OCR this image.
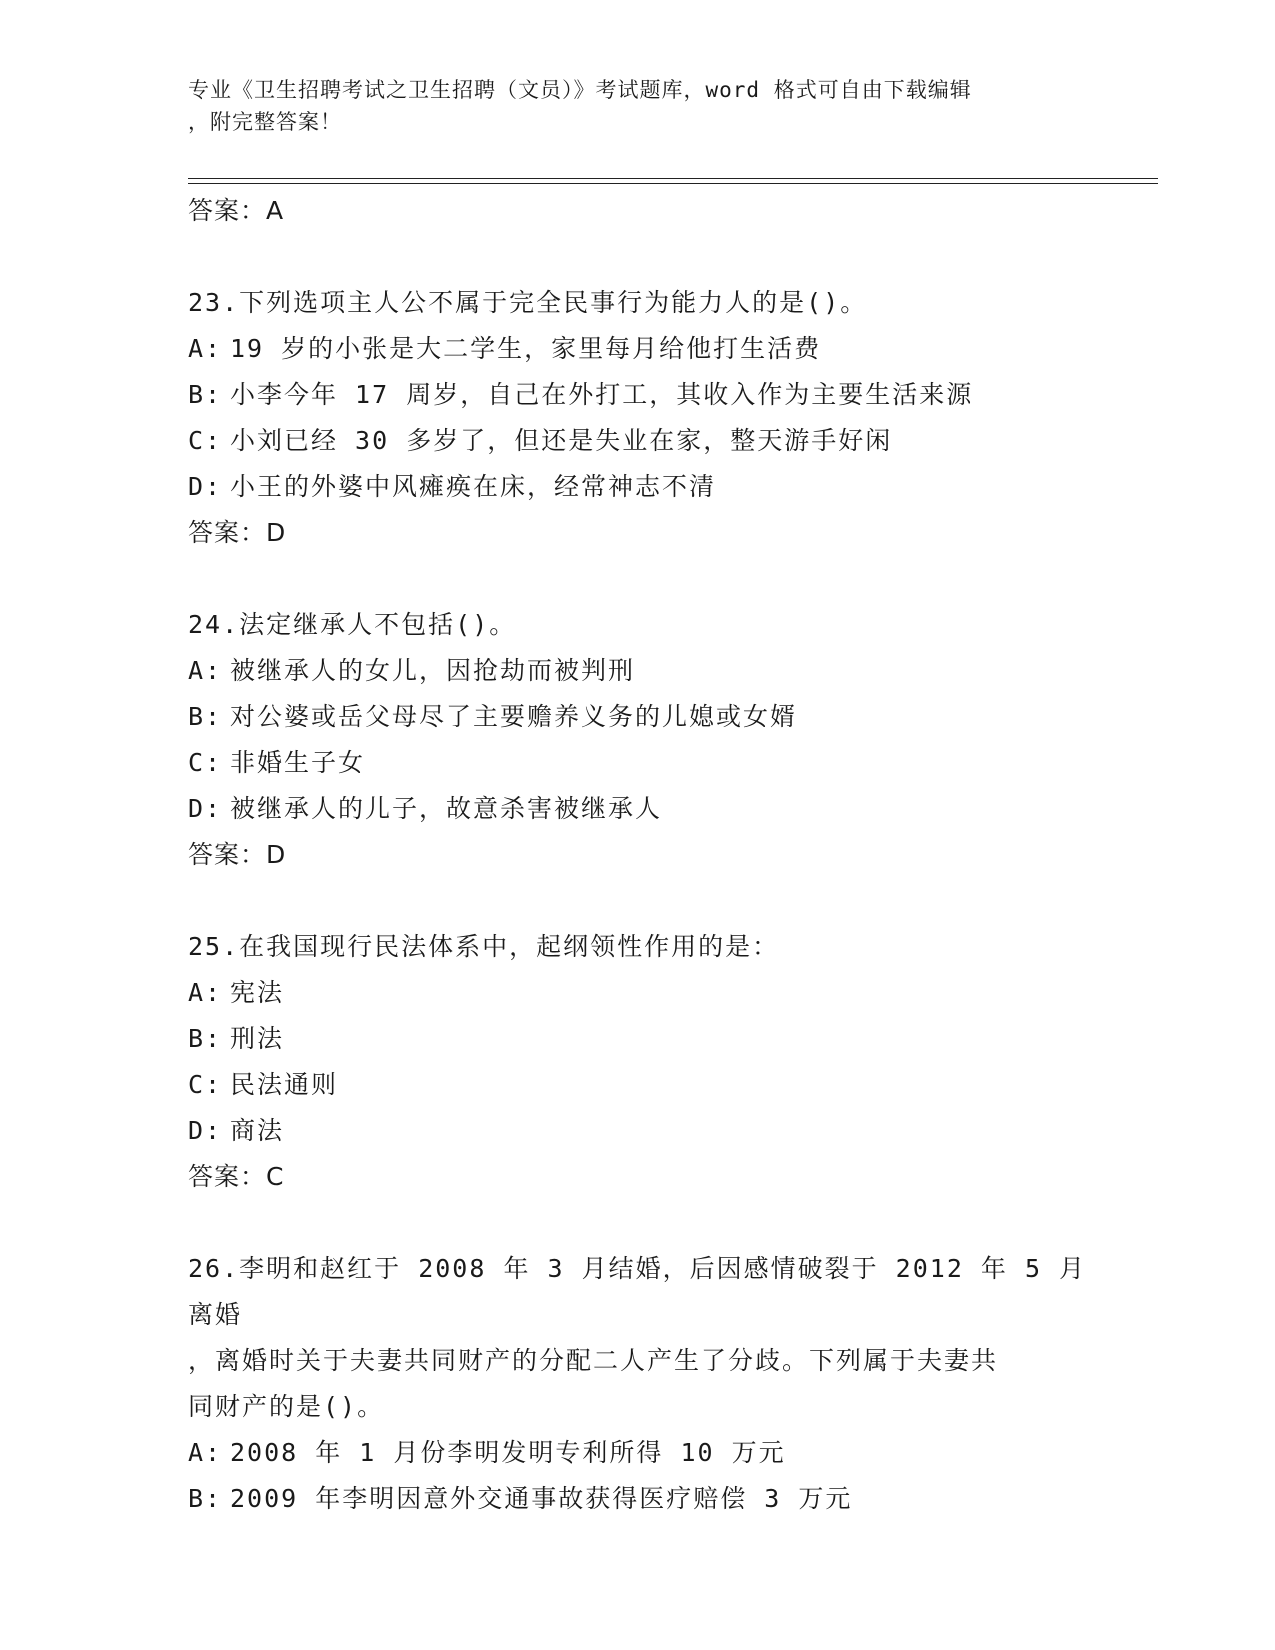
专业《卫生招聘考试之卫生招聘（文员）》考试题库，word 格式可自由下载编辑
，附完整答案！
答案：A
23.下列选项主人公不属于完全民事行为能力人的是()。
A: 19 岁的小张是大二学生，家里每月给他打生活费
B: 小李今年 17 周岁，自己在外打工，其收入作为主要生活来源
C: 小刘已经 30 多岁了，但还是失业在家，整天游手好闲
D: 小王的外婆中风瘫痪在床，经常神志不清
答案：D
24.法定继承人不包括()。
A: 被继承人的女儿，因抢劫而被判刑
B: 对公婆或岳父母尽了主要赡养义务的儿媳或女婿
C: 非婚生子女
D: 被继承人的儿子，故意杀害被继承人
答案：D
25.在我国现行民法体系中，起纲领性作用的是：
A: 宪法
B: 刑法
C: 民法通则
D: 商法
答案：C
26.李明和赵红于 2008 年 3 月结婚，后因感情破裂于 2012 年 5 月离婚
，离婚时关于夫妻共同财产的分配二人产生了分歧。下列属于夫妻共
同财产的是()。
A: 2008 年 1 月份李明发明专利所得 10 万元
B: 2009 年李明因意外交通事故获得医疗赔偿 3 万元
